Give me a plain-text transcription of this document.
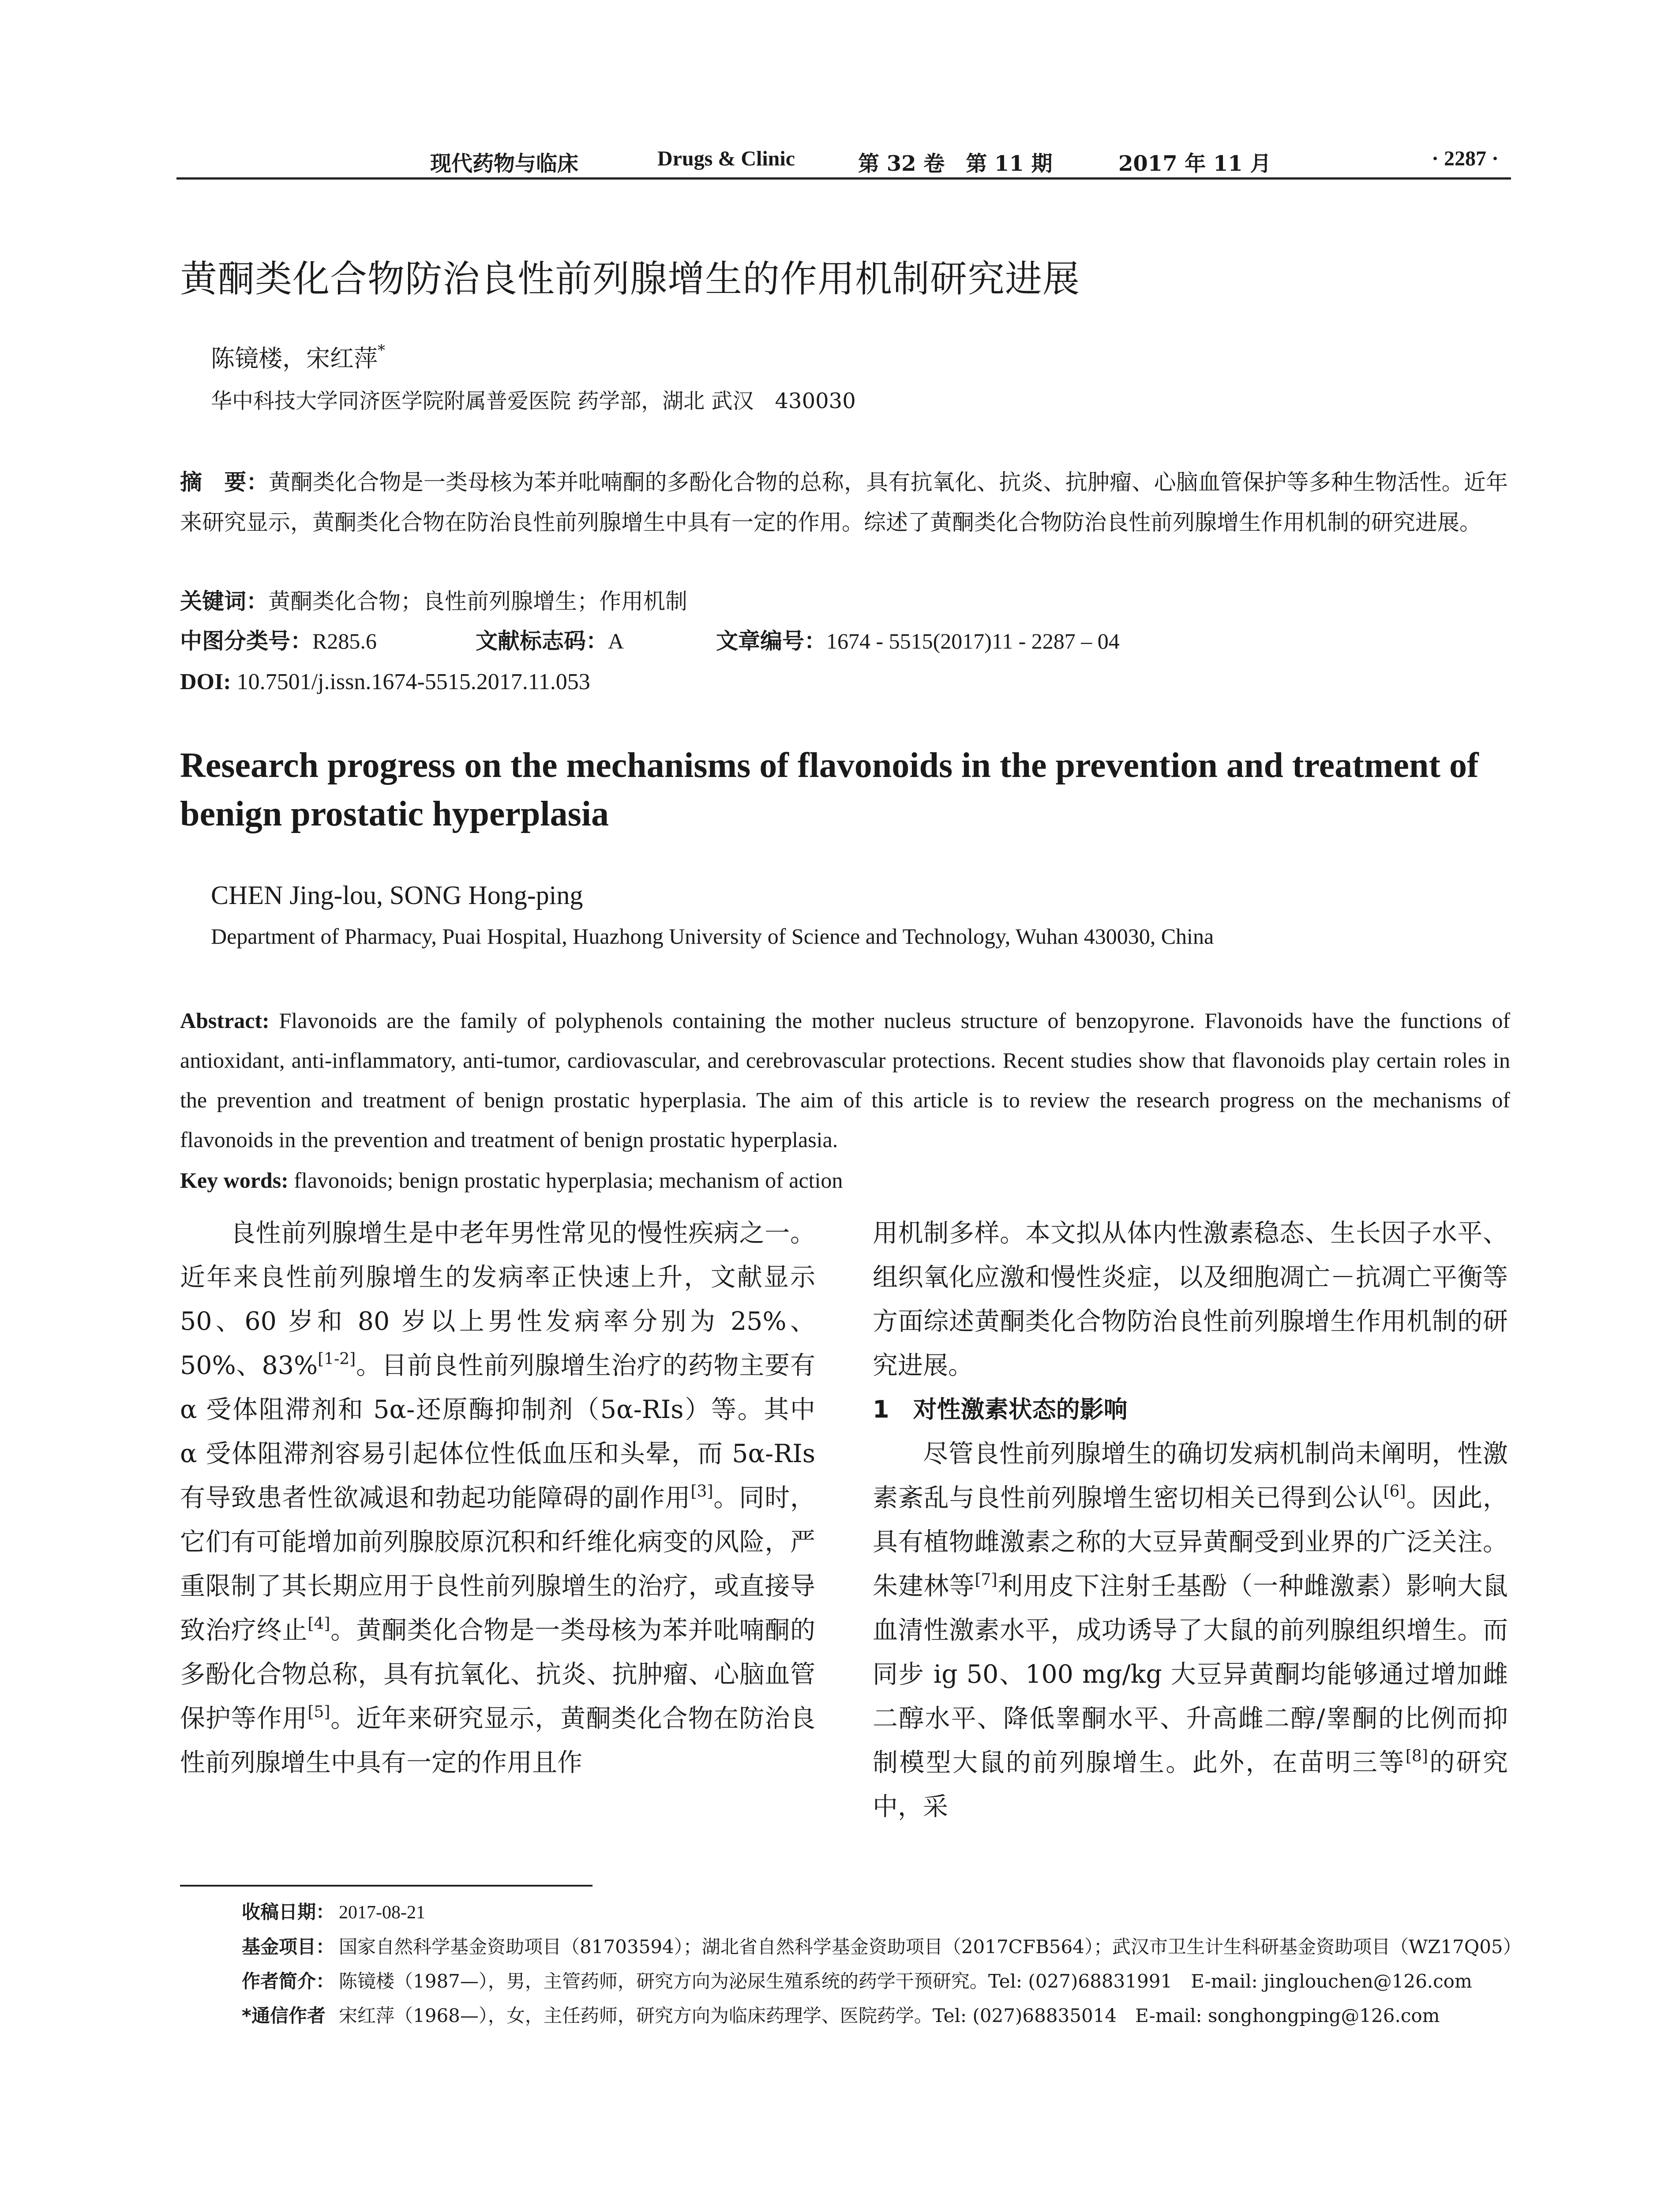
现代药物与临床	Drugs & Clinic	第 32 卷　第 11 期	2017 年 11 月	· 2287 ·
黄酮类化合物防治良性前列腺增生的作用机制研究进展
陈镜楼，宋红萍*
华中科技大学同济医学院附属普爱医院 药学部，湖北 武汉　430030
摘　要：黄酮类化合物是一类母核为苯并吡喃酮的多酚化合物的总称，具有抗氧化、抗炎、抗肿瘤、心脑血管保护等多种生物活性。近年来研究显示，黄酮类化合物在防治良性前列腺增生中具有一定的作用。综述了黄酮类化合物防治良性前列腺增生作用机制的研究进展。
关键词：黄酮类化合物；良性前列腺增生；作用机制
中图分类号：R285.6	文献标志码：A	文章编号：1674 - 5515(2017)11 - 2287 – 04
DOI: 10.7501/j.issn.1674-5515.2017.11.053
Research progress on the mechanisms of flavonoids in the prevention and treatment of benign prostatic hyperplasia
CHEN Jing-lou, SONG Hong-ping
Department of Pharmacy, Puai Hospital, Huazhong University of Science and Technology, Wuhan 430030, China
Abstract: Flavonoids are the family of polyphenols containing the mother nucleus structure of benzopyrone. Flavonoids have the functions of antioxidant, anti-inflammatory, anti-tumor, cardiovascular, and cerebrovascular protections. Recent studies show that flavonoids play certain roles in the prevention and treatment of benign prostatic hyperplasia. The aim of this article is to review the research progress on the mechanisms of flavonoids in the prevention and treatment of benign prostatic hyperplasia.
Key words: flavonoids; benign prostatic hyperplasia; mechanism of action

良性前列腺增生是中老年男性常见的慢性疾病之一。近年来良性前列腺增生的发病率正快速上升，文献显示 50、60 岁和 80 岁以上男性发病率分别为 25%、50%、83%[1-2]。目前良性前列腺增生治疗的药物主要有 α 受体阻滞剂和 5α-还原酶抑制剂（5α-RIs）等。其中 α 受体阻滞剂容易引起体位性低血压和头晕，而 5α-RIs 有导致患者性欲减退和勃起功能障碍的副作用[3]。同时，它们有可能增加前列腺胶原沉积和纤维化病变的风险，严重限制了其长期应用于良性前列腺增生的治疗，或直接导致治疗终止[4]。黄酮类化合物是一类母核为苯并吡喃酮的多酚化合物总称，具有抗氧化、抗炎、抗肿瘤、心脑血管保护等作用[5]。近年来研究显示，黄酮类化合物在防治良性前列腺增生中具有一定的作用且作

用机制多样。本文拟从体内性激素稳态、生长因子水平、组织氧化应激和慢性炎症，以及细胞凋亡－抗凋亡平衡等方面综述黄酮类化合物防治良性前列腺增生作用机制的研究进展。

1　对性激素状态的影响

尽管良性前列腺增生的确切发病机制尚未阐明，性激素紊乱与良性前列腺增生密切相关已得到公认[6]。因此，具有植物雌激素之称的大豆异黄酮受到业界的广泛关注。朱建林等[7]利用皮下注射壬基酚（一种雌激素）影响大鼠血清性激素水平，成功诱导了大鼠的前列腺组织增生。而同步 ig 50、100 mg/kg 大豆异黄酮均能够通过增加雌二醇水平、降低睾酮水平、升高雌二醇/睾酮的比例而抑制模型大鼠的前列腺增生。此外，在苗明三等[8]的研究中，采

收稿日期： 2017-08-21
基金项目： 国家自然科学基金资助项目（81703594）；湖北省自然科学基金资助项目（2017CFB564）；武汉市卫生计生科研基金资助项目（WZ17Q05）
作者简介： 陈镜楼（1987—），男，主管药师，研究方向为泌尿生殖系统的药学干预研究。Tel: (027)68831991　E-mail: jinglouchen@126.com
*通信作者 宋红萍（1968—），女，主任药师，研究方向为临床药理学、医院药学。Tel: (027)68835014　E-mail: songhongping@126.com
